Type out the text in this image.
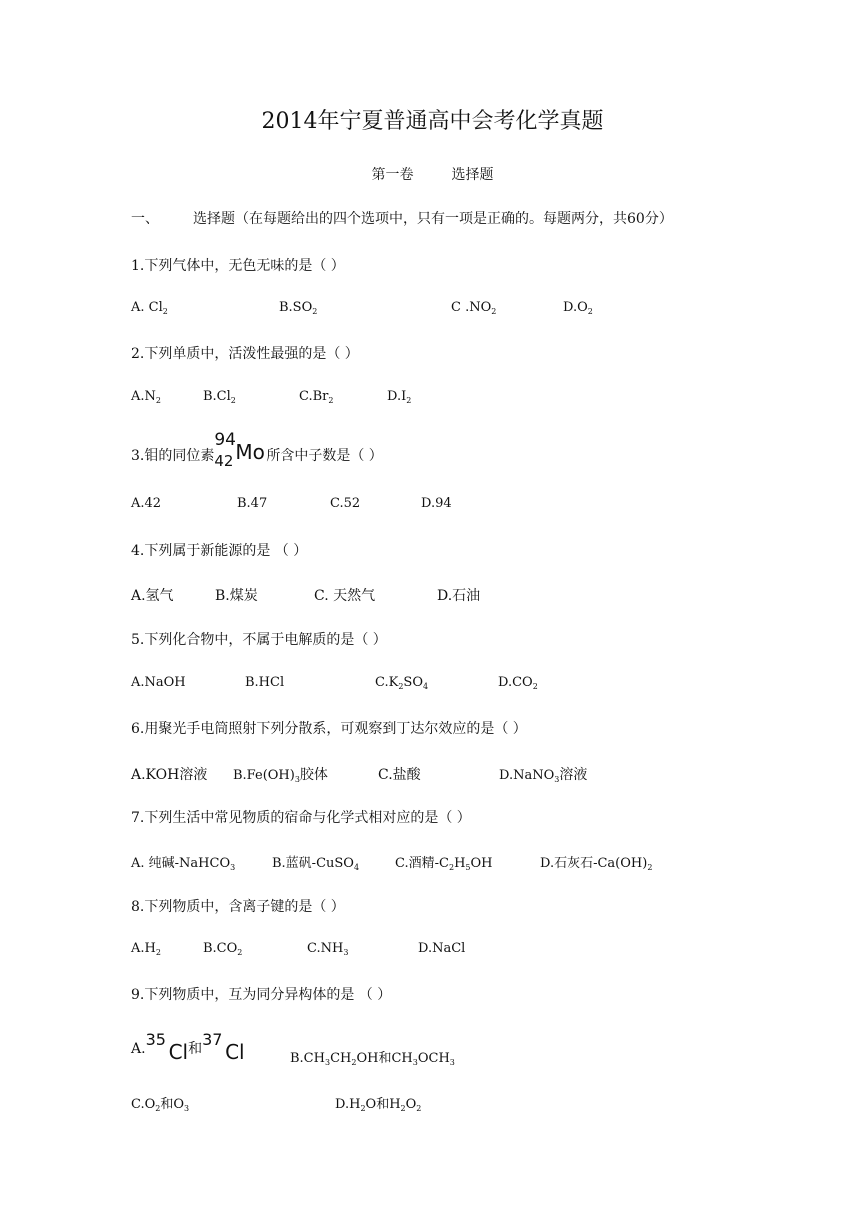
2014年宁夏普通高中会考化学真题
第一卷	选择题
一、 选择题（在每题给出的四个选项中，只有一项是正确的。每题两分，共60分）
1.下列气体中，无色无味的是（ ）
A. $Cl_2$	$B.SO_2$	C $.NO_2$	$D.O_2$
2.下列单质中，活泼性最强的是（ ）
$A.N_2$	$B.Cl_2$	$C.Br_2$	$D.I_2$
3.钼的同位素
94
42 Mo 所含中子数是（ ）
A.42	B.47	C.52	D.94
4.下列属于新能源的是 （ ）
A.氢气	B.煤炭	C. 天然气	D.石油
5.下列化合物中，不属于电解质的是（ ）
A.NaOH	B.HCl	$C.K_2SO_4$	$D.CO_2$
6.用聚光手电筒照射下列分散系，可观察到丁达尔效应的是（ ）
A.KOH溶液 $B.Fe(OH)_3$胶体	C.盐酸	D.NaNO$_3$溶液
7.下列生活中常见物质的宿命与化学式相对应的是（ ）
A. 纯碱-NaHCO$_3$	B.蓝矾-CuSO$_4$	C.酒精$-C_2H_5OH$	D.石灰石$-Ca(OH)_2$
8.下列物质中，含离子键的是（ ）
$A.H_2$	$B.CO_2$	$C.NH_3$	D.NaCl
9.下列物质中，互为同分异构体的是 （ ）
A. 35
Cl和 37
Cl	$B.CH_3CH_2OH$和$CH_3OCH_3$
$C.O_2$和$O_3$	$D.H_2O$和$H_2O_2$
